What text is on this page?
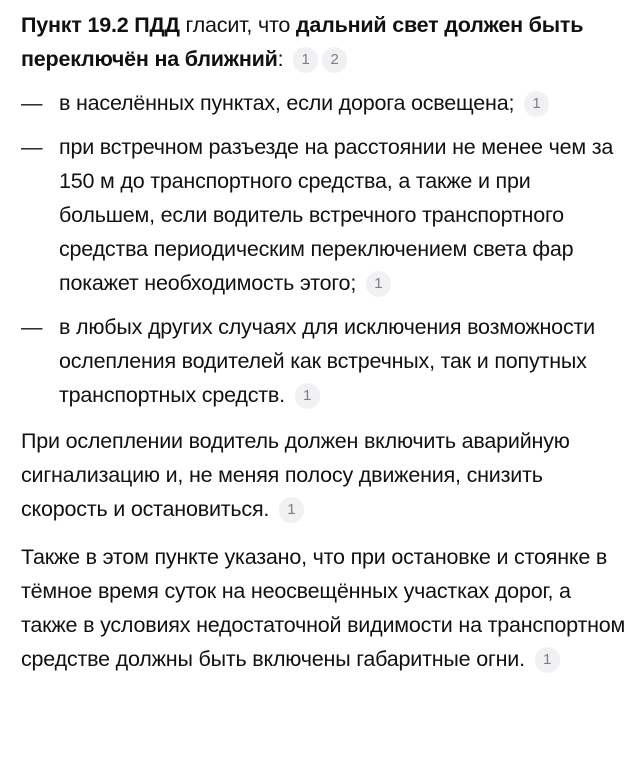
Пункт 19.2 ПДД гласит, что дальний свет должен быть переключён на ближний: 1 2

— в населённых пунктах, если дорога освещена; 1
— при встречном разъезде на расстоянии не менее чем за 150 м до транспортного средства, а также и при большем, если водитель встречного транспортного средства периодическим переключением света фар покажет необходимость этого; 1
— в любых других случаях для исключения возможности ослепления водителей как встречных, так и попутных транспортных средств. 1

При ослеплении водитель должен включить аварийную сигнализацию и, не меняя полосу движения, снизить скорость и остановиться. 1

Также в этом пункте указано, что при остановке и стоянке в тёмное время суток на неосвещённых участках дорог, а также в условиях недостаточной видимости на транспортном средстве должны быть включены габаритные огни. 1
